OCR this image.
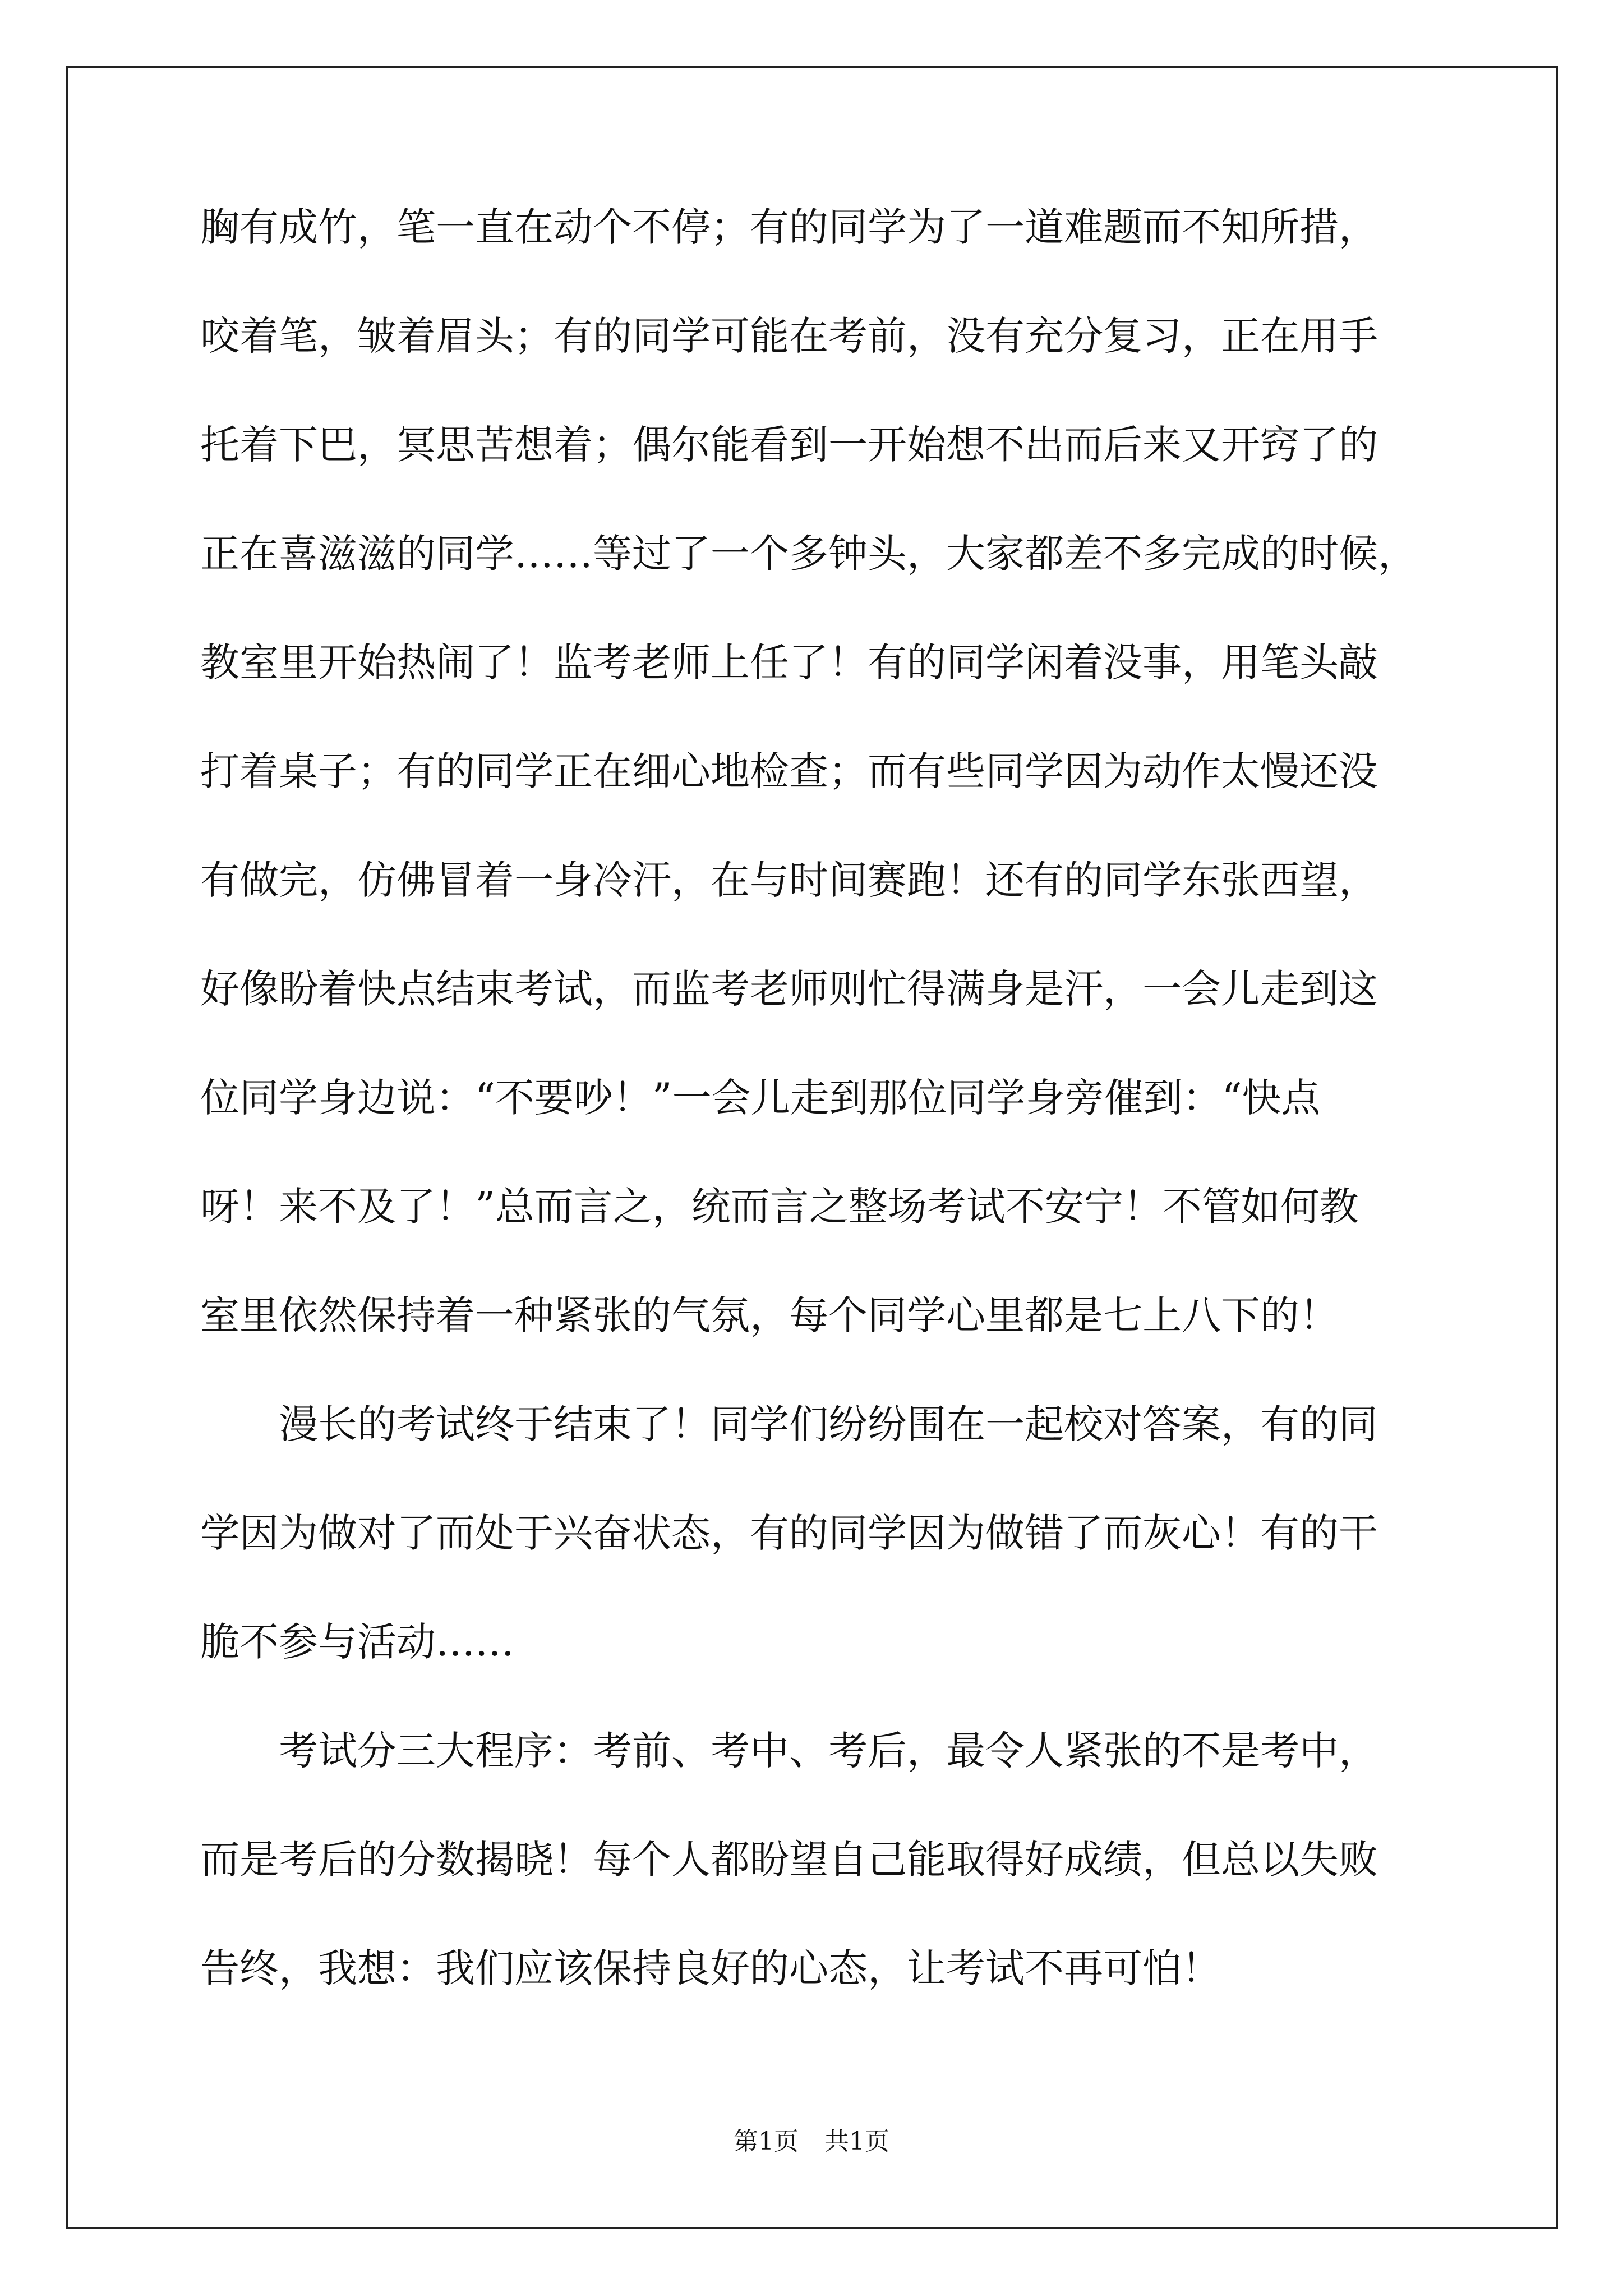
胸有成竹，笔一直在动个不停；有的同学为了一道难题而不知所措，
咬着笔，皱着眉头；有的同学可能在考前，没有充分复习，正在用手
托着下巴，冥思苦想着；偶尔能看到一开始想不出而后来又开窍了的
正在喜滋滋的同学……等过了一个多钟头，大家都差不多完成的时候，
教室里开始热闹了！监考老师上任了！有的同学闲着没事，用笔头敲
打着桌子；有的同学正在细心地检查；而有些同学因为动作太慢还没
有做完，仿佛冒着一身冷汗，在与时间赛跑！还有的同学东张西望，
好像盼着快点结束考试，而监考老师则忙得满身是汗，一会儿走到这
位同学身边说：“不要吵！”一会儿走到那位同学身旁催到：“快点
呀！来不及了！”总而言之，统而言之整场考试不安宁！不管如何教
室里依然保持着一种紧张的气氛，每个同学心里都是七上八下的！
漫长的考试终于结束了！同学们纷纷围在一起校对答案，有的同
学因为做对了而处于兴奋状态，有的同学因为做错了而灰心！有的干
脆不参与活动……
考试分三大程序：考前、考中、考后，最令人紧张的不是考中，
而是考后的分数揭晓！每个人都盼望自己能取得好成绩，但总以失败
告终，我想：我们应该保持良好的心态，让考试不再可怕！
第1页 共1页
